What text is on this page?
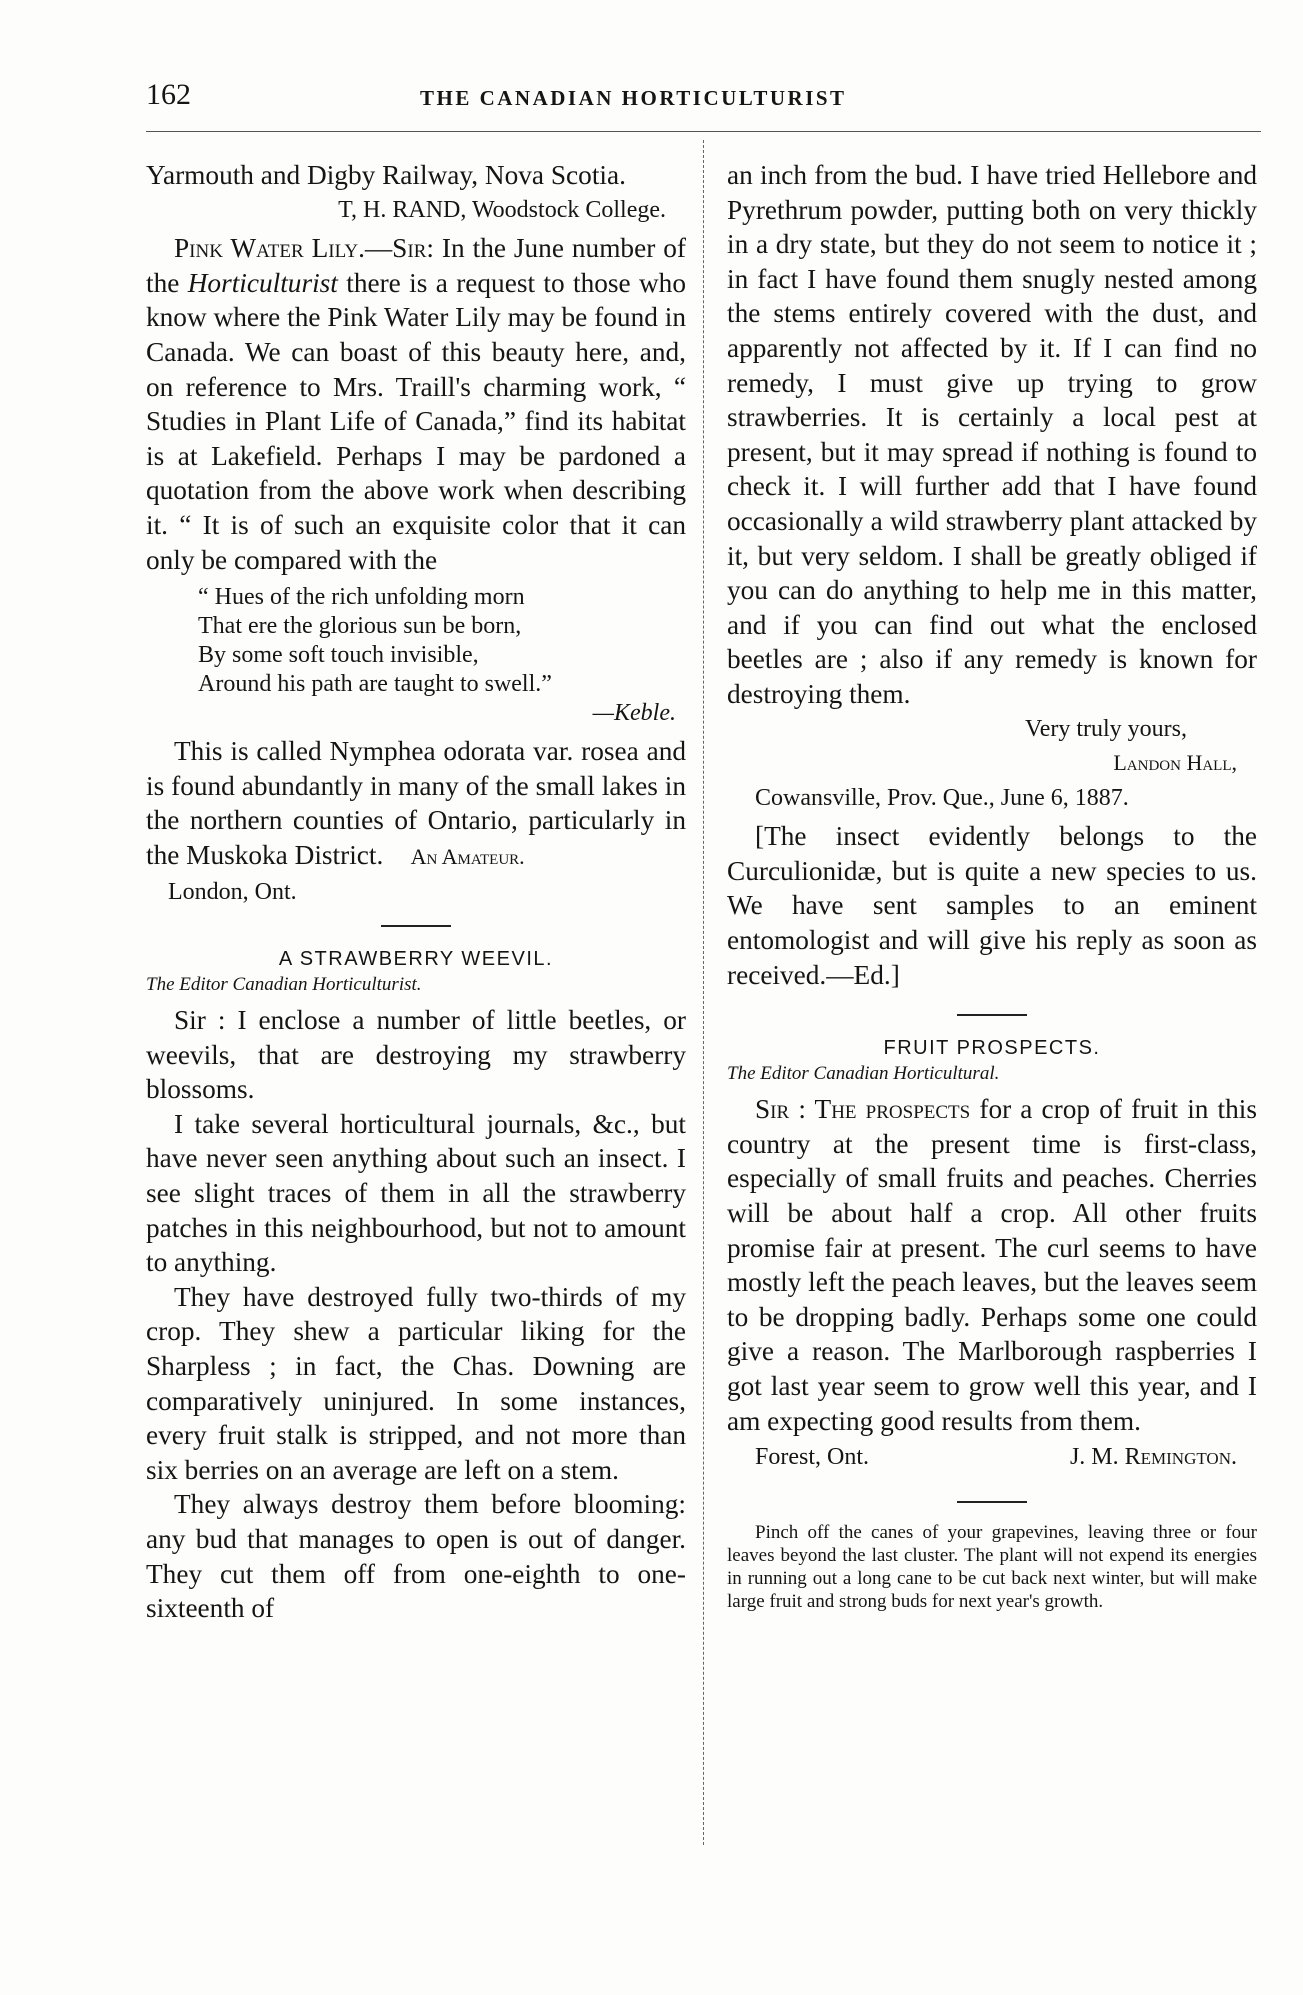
162	THE CANADIAN HORTICULTURIST

Yarmouth and Digby Railway, Nova Scotia.

T, H. RAND, Woodstock College.

Pink Water Lily.—Sir: In the June number of the Horticulturist there is a request to those who know where the Pink Water Lily may be found in Canada. We can boast of this beauty here, and, on reference to Mrs. Traill's charming work, “ Studies in Plant Life of Canada,” find its habitat is at Lakefield. Perhaps I may be pardoned a quotation from the above work when describing it. “ It is of such an exquisite color that it can only be compared with the

“ Hues of the rich unfolding morn
That ere the glorious sun be born,
By some soft touch invisible,
Around his path are taught to swell.”
—Keble.

This is called Nymphea odorata var. rosea and is found abundantly in many of the small lakes in the northern counties of Ontario, particularly in the Muskoka District. An Amateur.

London, Ont.

A STRAWBERRY WEEVIL.
The Editor Canadian Horticulturist.

Sir : I enclose a number of little beetles, or weevils, that are destroying my strawberry blossoms.

I take several horticultural journals, &c., but have never seen anything about such an insect. I see slight traces of them in all the strawberry patches in this neighbourhood, but not to amount to anything.

They have destroyed fully two-thirds of my crop. They shew a particular liking for the Sharpless ; in fact, the Chas. Downing are comparatively uninjured. In some instances, every fruit stalk is stripped, and not more than six berries on an average are left on a stem.

They always destroy them before blooming: any bud that manages to open is out of danger. They cut them off from one-eighth to one-sixteenth of

an inch from the bud. I have tried Hellebore and Pyrethrum powder, putting both on very thickly in a dry state, but they do not seem to notice it ; in fact I have found them snugly nested among the stems entirely covered with the dust, and apparently not affected by it. If I can find no remedy, I must give up trying to grow strawberries. It is certainly a local pest at present, but it may spread if nothing is found to check it. I will further add that I have found occasionally a wild strawberry plant attacked by it, but very seldom. I shall be greatly obliged if you can do anything to help me in this matter, and if you can find out what the enclosed beetles are ; also if any remedy is known for destroying them.

Very truly yours,

Landon Hall,

Cowansville, Prov. Que., June 6, 1887.

[The insect evidently belongs to the Curculionidæ, but is quite a new species to us. We have sent samples to an eminent entomologist and will give his reply as soon as received.—Ed.]

FRUIT PROSPECTS.
The Editor Canadian Horticultural.

Sir : The prospects for a crop of fruit in this country at the present time is first-class, especially of small fruits and peaches. Cherries will be about half a crop. All other fruits promise fair at present. The curl seems to have mostly left the peach leaves, but the leaves seem to be dropping badly. Perhaps some one could give a reason. The Marlborough raspberries I got last year seem to grow well this year, and I am expecting good results from them.

Forest, Ont.	J. M. Remington.

Pinch off the canes of your grapevines, leaving three or four leaves beyond the last cluster. The plant will not expend its energies in running out a long cane to be cut back next winter, but will make large fruit and strong buds for next year's growth.
